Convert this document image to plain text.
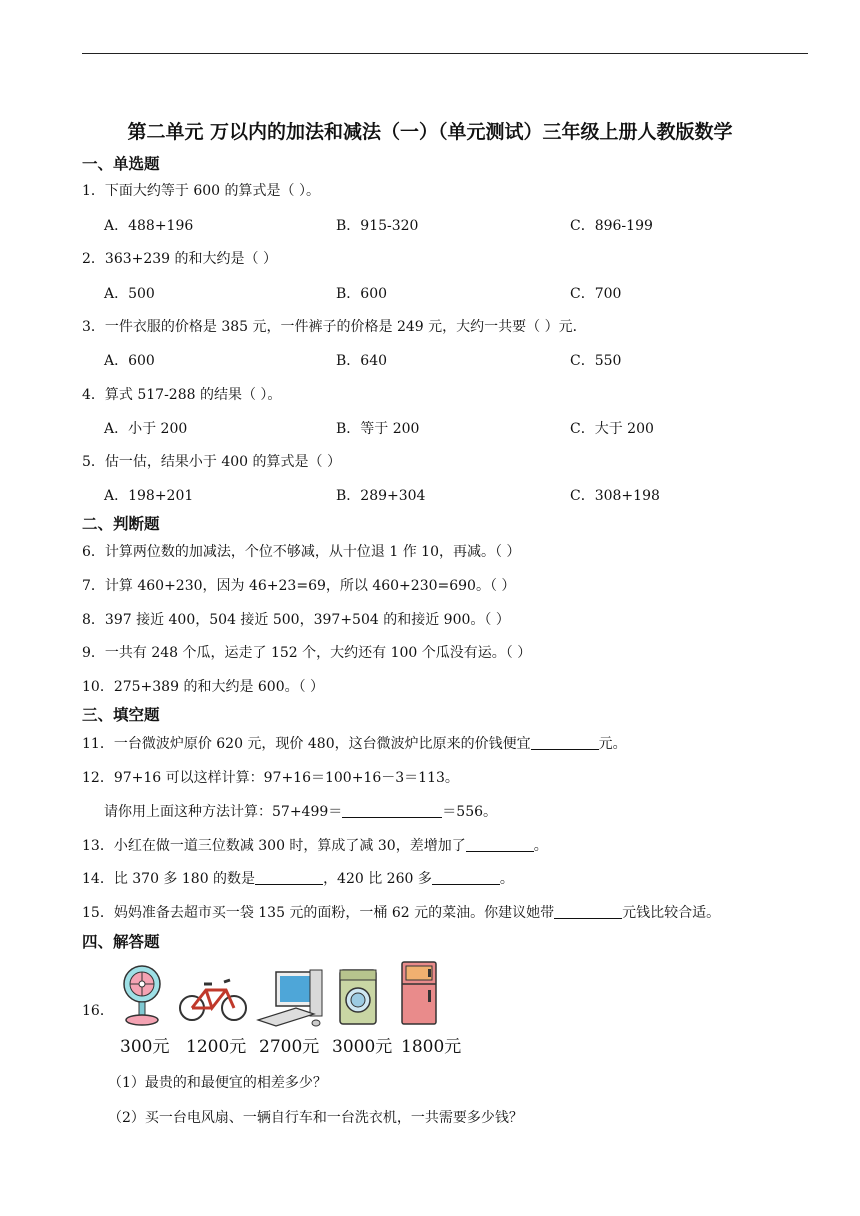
第二单元 万以内的加法和减法（一）（单元测试）三年级上册人教版数学
一、单选题
1．下面大约等于 600 的算式是（ ）。
A．488+196	B．915-320	C．896-199
2．363+239 的和大约是（ ）
A．500	B．600	C．700
3．一件衣服的价格是 385 元，一件裤子的价格是 249 元，大约一共要（ ）元．
A．600	B．640	C．550
4．算式 517-288 的结果（ ）。
A．小于 200	B．等于 200	C．大于 200
5．估一估，结果小于 400 的算式是（ ）
A．198+201	B．289+304	C．308+198
二、判断题
6．计算两位数的加减法，个位不够减，从十位退 1 作 10，再减。（ ）
7．计算 460+230，因为 46+23=69，所以 460+230=690。（ ）
8．397 接近 400，504 接近 500，397+504 的和接近 900。（ ）
9．一共有 248 个瓜，运走了 152 个，大约还有 100 个瓜没有运。（ ）
10．275+389 的和大约是 600。（ ）
三、填空题
11．一台微波炉原价 620 元，现价 480，这台微波炉比原来的价钱便宜	元。
12．97+16 可以这样计算：97+16＝100+16－3＝113。
请你用上面这种方法计算：57+499＝	＝556。
13．小红在做一道三位数减 300 时，算成了减 30，差增加了	。
14．比 370 多 180 的数是	，420 比 260 多	。
15．妈妈准备去超市买一袋 135 元的面粉，一桶 62 元的菜油。你建议她带	元钱比较合适。
四、解答题
16．
300元 1200元 2700元 3000元 1800元
（1）最贵的和最便宜的相差多少？
（2）买一台电风扇、一辆自行车和一台洗衣机，一共需要多少钱？
